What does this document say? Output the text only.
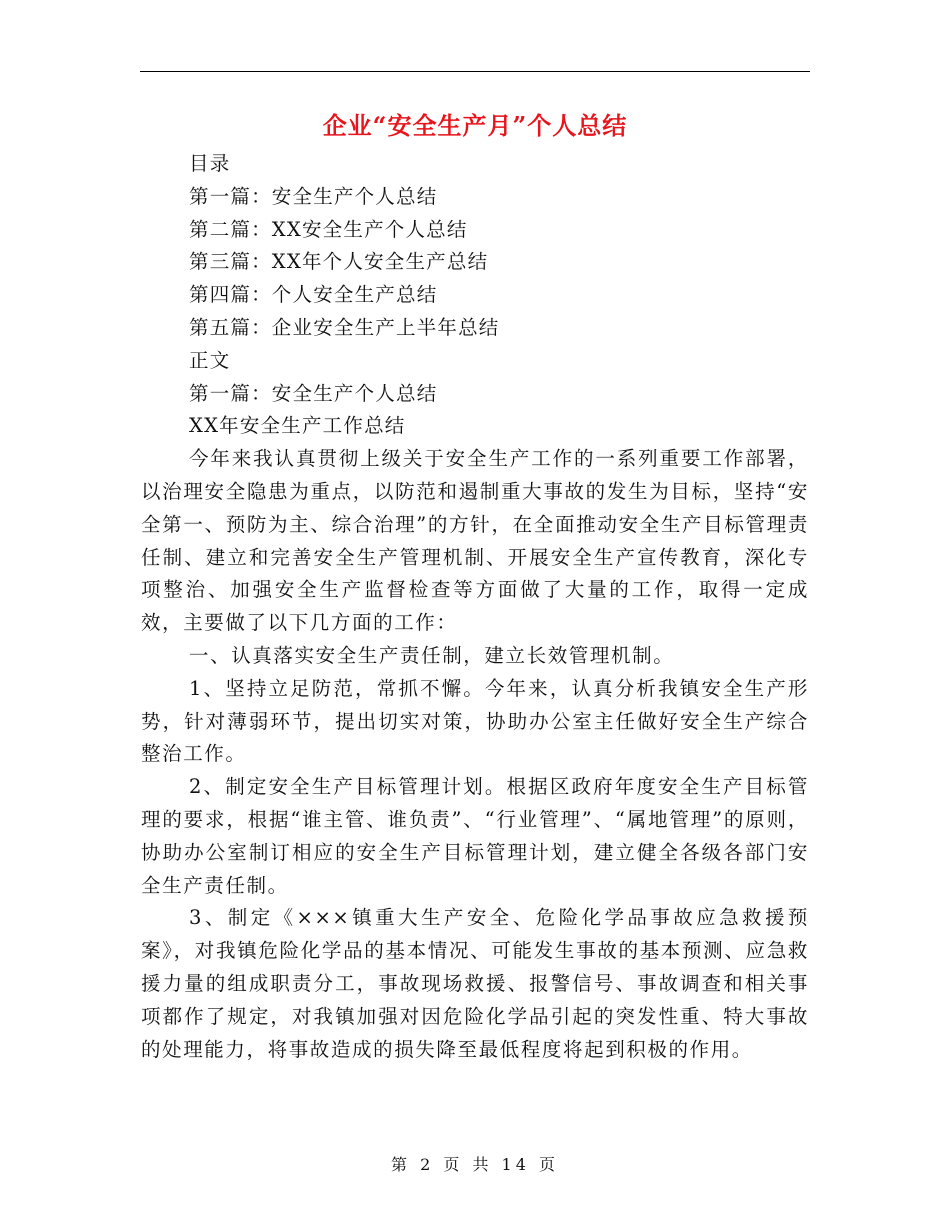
企业“安全生产月”个人总结
目录
第一篇：安全生产个人总结
第二篇：XX安全生产个人总结
第三篇：XX年个人安全生产总结
第四篇：个人安全生产总结
第五篇：企业安全生产上半年总结
正文
第一篇：安全生产个人总结
XX年安全生产工作总结

今年来我认真贯彻上级关于安全生产工作的一系列重要工作部署，以治理安全隐患为重点，以防范和遏制重大事故的发生为目标，坚持“安全第一、预防为主、综合治理”的方针，在全面推动安全生产目标管理责任制、建立和完善安全生产管理机制、开展安全生产宣传教育，深化专项整治、加强安全生产监督检查等方面做了大量的工作，取得一定成效，主要做了以下几方面的工作：

一、认真落实安全生产责任制，建立长效管理机制。

1、坚持立足防范，常抓不懈。今年来，认真分析我镇安全生产形势，针对薄弱环节，提出切实对策，协助办公室主任做好安全生产综合整治工作。

2、制定安全生产目标管理计划。根据区政府年度安全生产目标管理的要求，根据“谁主管、谁负责”、“行业管理”、“属地管理”的原则，协助办公室制订相应的安全生产目标管理计划，建立健全各级各部门安全生产责任制。

3、制定《×××镇重大生产安全、危险化学品事故应急救援预案》，对我镇危险化学品的基本情况、可能发生事故的基本预测、应急救援力量的组成职责分工，事故现场救援、报警信号、事故调查和相关事项都作了规定，对我镇加强对因危险化学品引起的突发性重、特大事故的处理能力，将事故造成的损失降至最低程度将起到积极的作用。

第 2 页 共 14 页
